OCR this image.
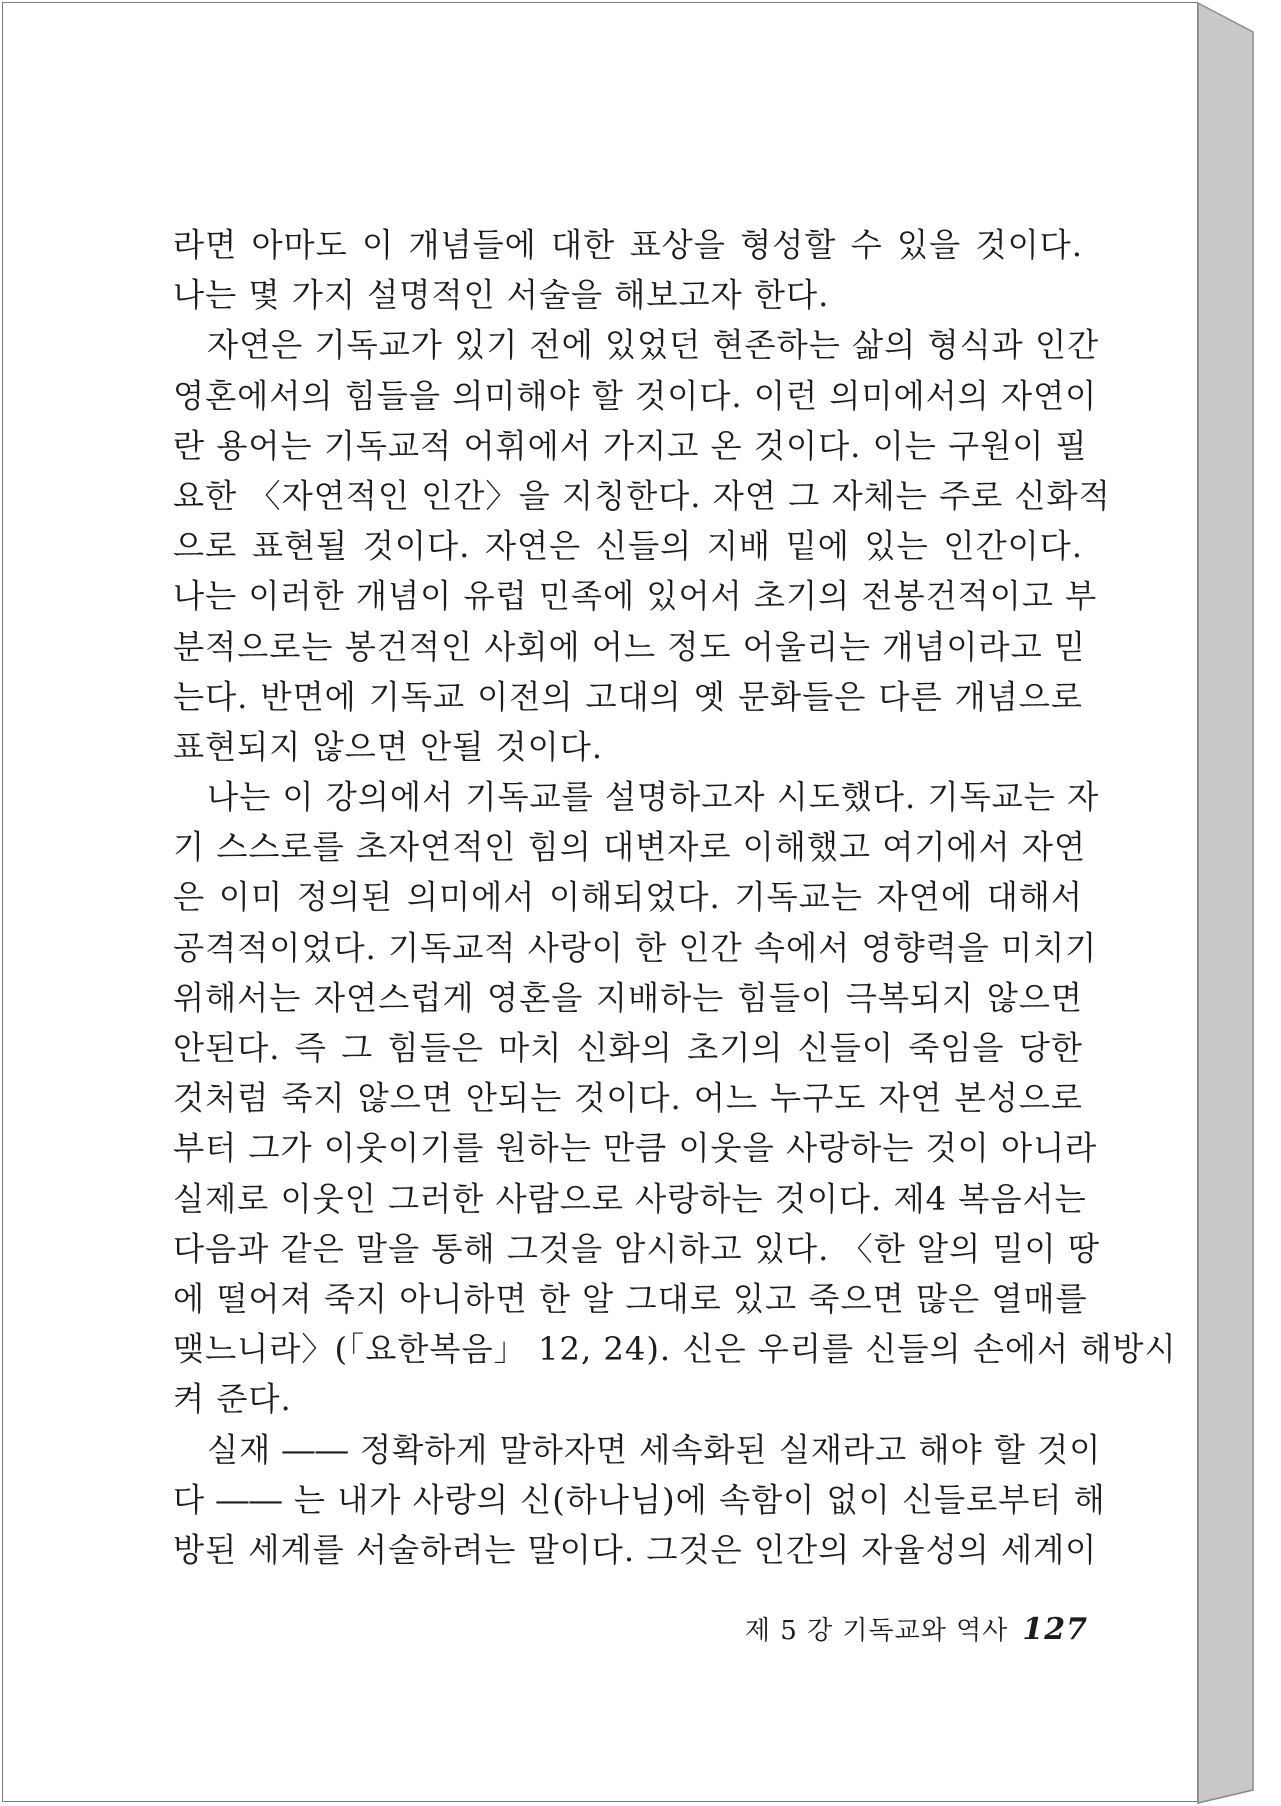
라면 아마도 이 개념들에 대한 표상을 형성할 수 있을 것이다.
나는 몇 가지 설명적인 서술을 해보고자 한다.
자연은 기독교가 있기 전에 있었던 현존하는 삶의 형식과 인간
영혼에서의 힘들을 의미해야 할 것이다. 이런 의미에서의 자연이
란 용어는 기독교적 어휘에서 가지고 온 것이다. 이는 구원이 필
요한 〈자연적인 인간〉을 지칭한다. 자연 그 자체는 주로 신화적
으로 표현될 것이다. 자연은 신들의 지배 밑에 있는 인간이다.
나는 이러한 개념이 유럽 민족에 있어서 초기의 전봉건적이고 부
분적으로는 봉건적인 사회에 어느 정도 어울리는 개념이라고 믿
는다. 반면에 기독교 이전의 고대의 옛 문화들은 다른 개념으로
표현되지 않으면 안될 것이다.
나는 이 강의에서 기독교를 설명하고자 시도했다. 기독교는 자
기 스스로를 초자연적인 힘의 대변자로 이해했고 여기에서 자연
은 이미 정의된 의미에서 이해되었다. 기독교는 자연에 대해서
공격적이었다. 기독교적 사랑이 한 인간 속에서 영향력을 미치기
위해서는 자연스럽게 영혼을 지배하는 힘들이 극복되지 않으면
안된다. 즉 그 힘들은 마치 신화의 초기의 신들이 죽임을 당한
것처럼 죽지 않으면 안되는 것이다. 어느 누구도 자연 본성으로
부터 그가 이웃이기를 원하는 만큼 이웃을 사랑하는 것이 아니라
실제로 이웃인 그러한 사람으로 사랑하는 것이다. 제4 복음서는
다음과 같은 말을 통해 그것을 암시하고 있다. 〈한 알의 밀이 땅
에 떨어져 죽지 아니하면 한 알 그대로 있고 죽으면 많은 열매를
맺느니라〉(「요한복음」 12, 24). 신은 우리를 신들의 손에서 해방시
켜 준다.
실재 ―― 정확하게 말하자면 세속화된 실재라고 해야 할 것이
다 ―― 는 내가 사랑의 신(하나님)에 속함이 없이 신들로부터 해
방된 세계를 서술하려는 말이다. 그것은 인간의 자율성의 세계이
제 5 강 기독교와 역사 127
